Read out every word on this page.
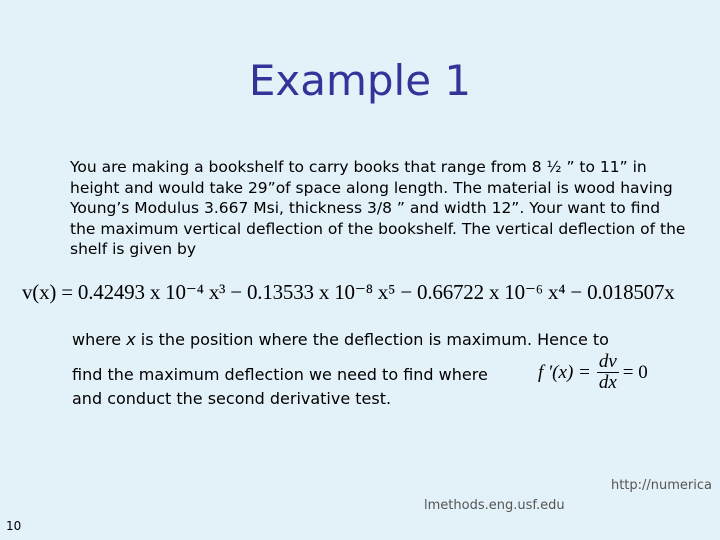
Example 1

You are making a bookshelf to carry books that range from 8 ½ ” to 11” in height and would take 29”of space along length. The material is wood having Young’s Modulus 3.667 Msi, thickness 3/8 ” and width 12”. Your want to find the maximum vertical deflection of the bookshelf. The vertical deflection of the shelf is given by

v(x) = 0.42493 x 10⁻⁴ x³ − 0.13533 x 10⁻⁸ x⁵ − 0.66722 x 10⁻⁶ x⁴ − 0.018507x

where x is the position where the deflection is maximum. Hence to

find the maximum deflection we need to find where	f $'(x) = \frac{dv}{dx} = 0$

and conduct the second derivative test.

http://numerica
lmethods.eng.usf.edu
10
